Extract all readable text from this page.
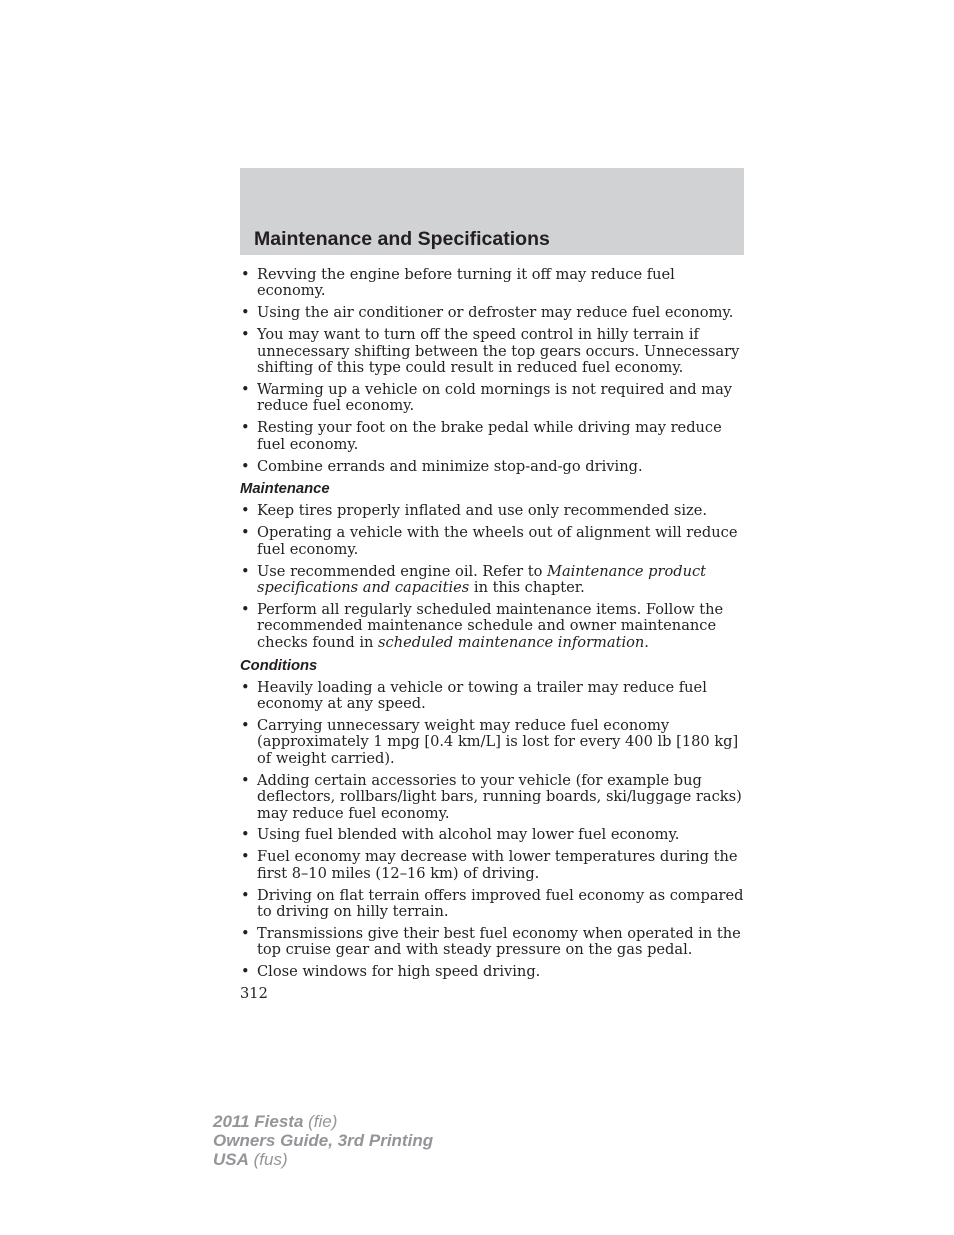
Maintenance and Specifications
• Revving the engine before turning it off may reduce fuel economy.
• Using the air conditioner or defroster may reduce fuel economy.
• You may want to turn off the speed control in hilly terrain if unnecessary shifting between the top gears occurs. Unnecessary shifting of this type could result in reduced fuel economy.
• Warming up a vehicle on cold mornings is not required and may reduce fuel economy.
• Resting your foot on the brake pedal while driving may reduce fuel economy.
• Combine errands and minimize stop-and-go driving.
Maintenance
• Keep tires properly inflated and use only recommended size.
• Operating a vehicle with the wheels out of alignment will reduce fuel economy.
• Use recommended engine oil. Refer to Maintenance product specifications and capacities in this chapter.
• Perform all regularly scheduled maintenance items. Follow the recommended maintenance schedule and owner maintenance checks found in scheduled maintenance information.
Conditions
• Heavily loading a vehicle or towing a trailer may reduce fuel economy at any speed.
• Carrying unnecessary weight may reduce fuel economy (approximately 1 mpg [0.4 km/L] is lost for every 400 lb [180 kg] of weight carried).
• Adding certain accessories to your vehicle (for example bug deflectors, rollbars/light bars, running boards, ski/luggage racks) may reduce fuel economy.
• Using fuel blended with alcohol may lower fuel economy.
• Fuel economy may decrease with lower temperatures during the first 8–10 miles (12–16 km) of driving.
• Driving on flat terrain offers improved fuel economy as compared to driving on hilly terrain.
• Transmissions give their best fuel economy when operated in the top cruise gear and with steady pressure on the gas pedal.
• Close windows for high speed driving.
312
2011 Fiesta (fie)
Owners Guide, 3rd Printing
USA (fus)
